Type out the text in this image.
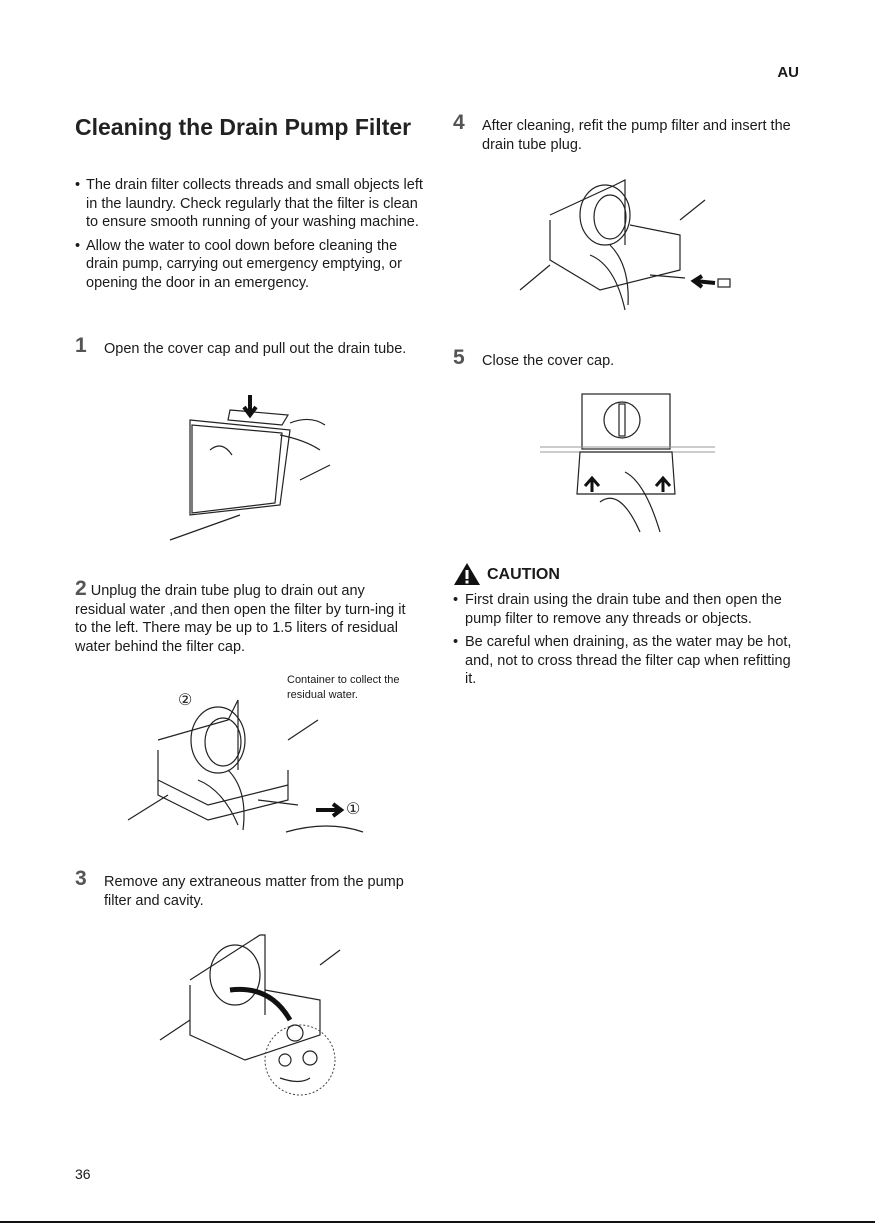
AU
Cleaning the Drain Pump Filter
• The drain filter collects threads and small objects left in the laundry. Check regularly that the filter is clean to ensure smooth running of your washing machine.
• Allow the water to cool down before cleaning the drain pump, carrying out emergency emptying, or opening the door in an emergency.
1	Open the cover cap and pull out the drain tube.
2 Unplug the drain tube plug to drain out any residual water ,and then open the filter by turn-ing it to the left. There may be up to 1.5 liters of residual water behind the filter cap.
Container to collect the residual water.
②
①
3	Remove any extraneous matter from the pump filter and cavity.
4	After cleaning, refit the pump filter and insert the drain tube plug.
5	Close the cover cap.
CAUTION
• First drain using the drain tube and then open the pump filter to remove any threads or objects.
• Be careful when draining, as the water may be hot, and, not to cross thread the filter cap when refitting it.
36
